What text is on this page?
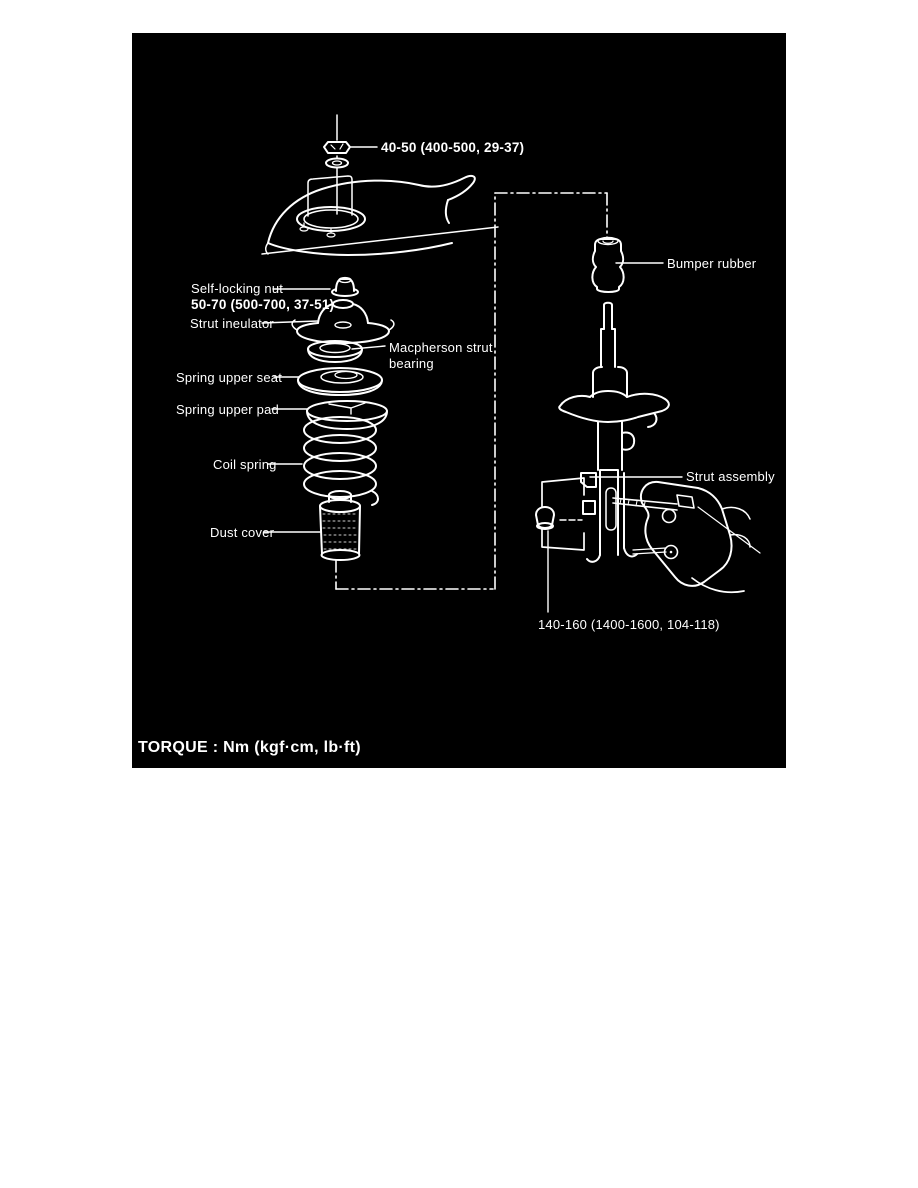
40-50 (400-500, 29-37)
Self-locking nut
50-70 (500-700, 37-51)
Strut ineulator
Macpherson strut
bearing
Spring upper seat
Spring upper pad
Coil spring
Dust cover
Bumper rubber
Strut assembly
140-160 (1400-1600, 104-118)
TORQUE : Nm (kgf·cm, lb·ft)
